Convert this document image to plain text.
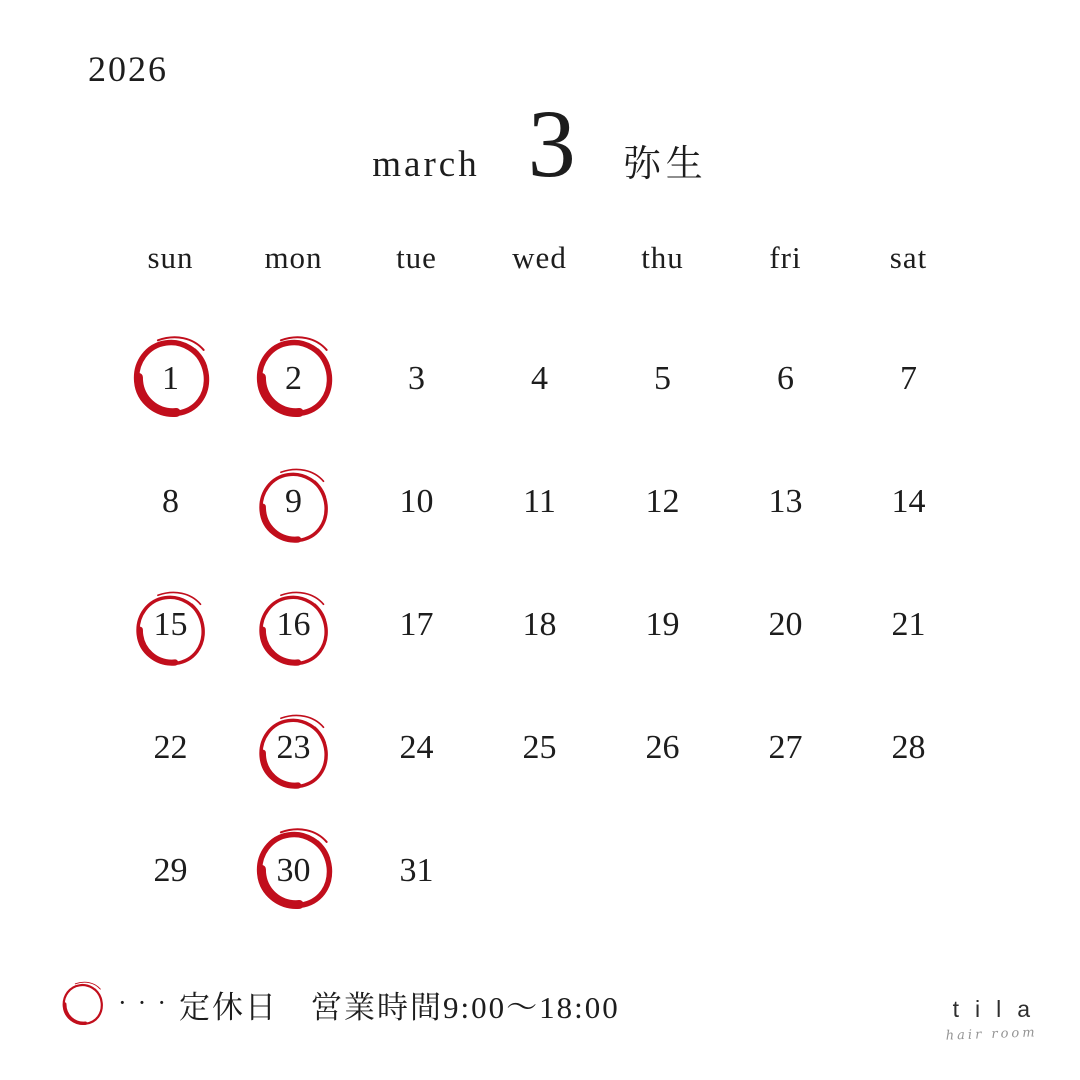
2026
march 3 弥生
sun	mon	tue	wed	thu	fri	sat
1	2	3	4	5	6	7
8	9	10	11	12	13	14
15	16	17	18	19	20	21
22	23	24	25	26	27	28
29	30	31
··· 定休日　営業時間9:00～18:00	tila
hair room
